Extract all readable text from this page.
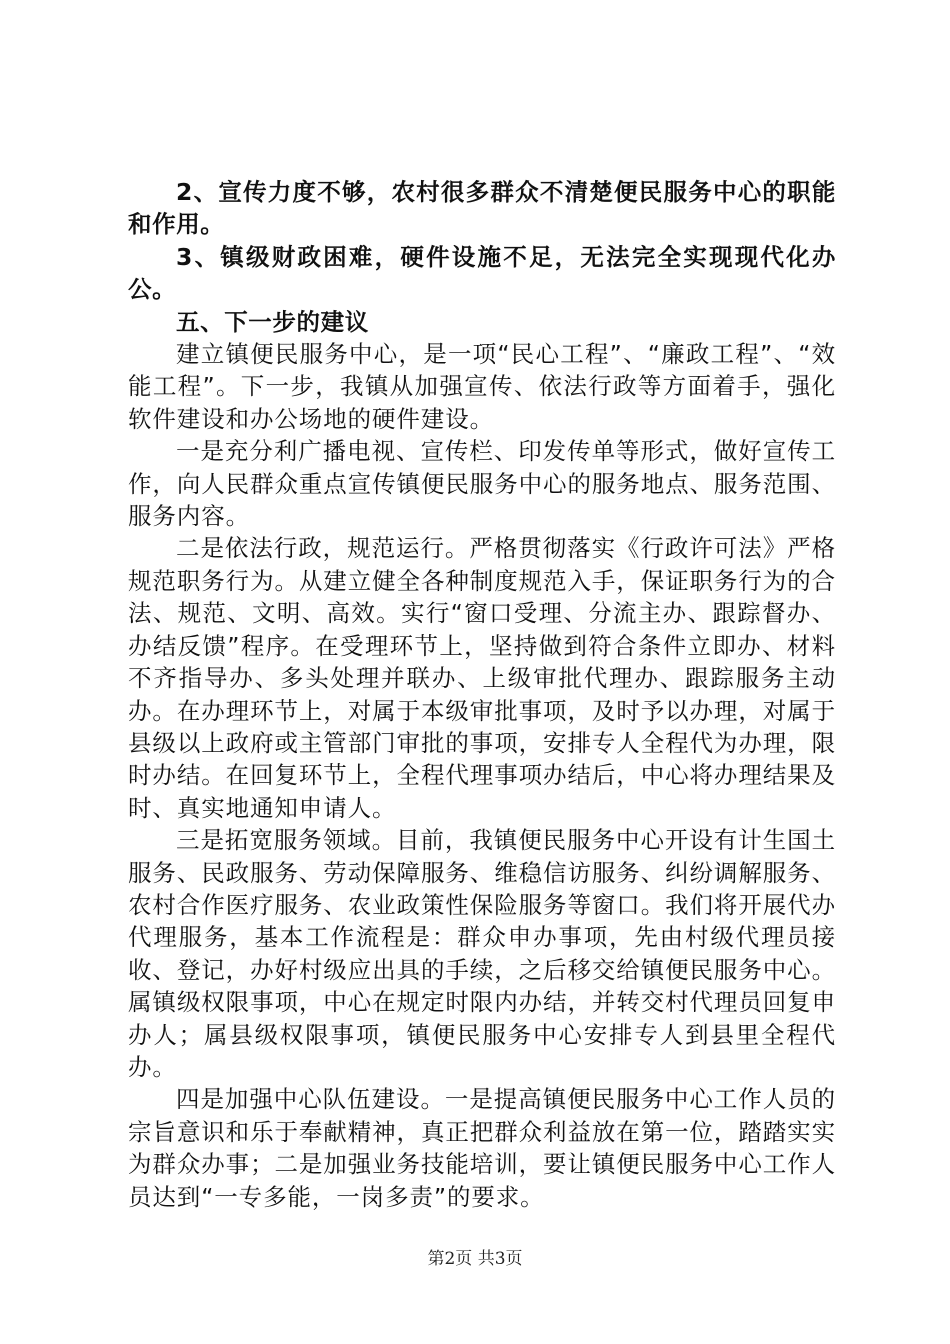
2、宣传力度不够，农村很多群众不清楚便民服务中心的职能和作用。

3、镇级财政困难，硬件设施不足，无法完全实现现代化办公。

五、下一步的建议

建立镇便民服务中心，是一项“民心工程”、“廉政工程”、“效能工程”。下一步，我镇从加强宣传、依法行政等方面着手，强化软件建设和办公场地的硬件建设。

一是充分利广播电视、宣传栏、印发传单等形式，做好宣传工作，向人民群众重点宣传镇便民服务中心的服务地点、服务范围、服务内容。

二是依法行政，规范运行。严格贯彻落实《行政许可法》严格规范职务行为。从建立健全各种制度规范入手，保证职务行为的合法、规范、文明、高效。实行“窗口受理、分流主办、跟踪督办、办结反馈”程序。在受理环节上，坚持做到符合条件立即办、材料不齐指导办、多头处理并联办、上级审批代理办、跟踪服务主动办。在办理环节上，对属于本级审批事项，及时予以办理，对属于县级以上政府或主管部门审批的事项，安排专人全程代为办理，限时办结。在回复环节上，全程代理事项办结后，中心将办理结果及时、真实地通知申请人。

三是拓宽服务领域。目前，我镇便民服务中心开设有计生国土服务、民政服务、劳动保障服务、维稳信访服务、纠纷调解服务、农村合作医疗服务、农业政策性保险服务等窗口。我们将开展代办代理服务，基本工作流程是：群众申办事项，先由村级代理员接收、登记，办好村级应出具的手续，之后移交给镇便民服务中心。属镇级权限事项，中心在规定时限内办结，并转交村代理员回复申办人；属县级权限事项，镇便民服务中心安排专人到县里全程代办。

四是加强中心队伍建设。一是提高镇便民服务中心工作人员的宗旨意识和乐于奉献精神，真正把群众利益放在第一位，踏踏实实为群众办事；二是加强业务技能培训，要让镇便民服务中心工作人员达到“一专多能，一岗多责”的要求。

第2页 共3页
